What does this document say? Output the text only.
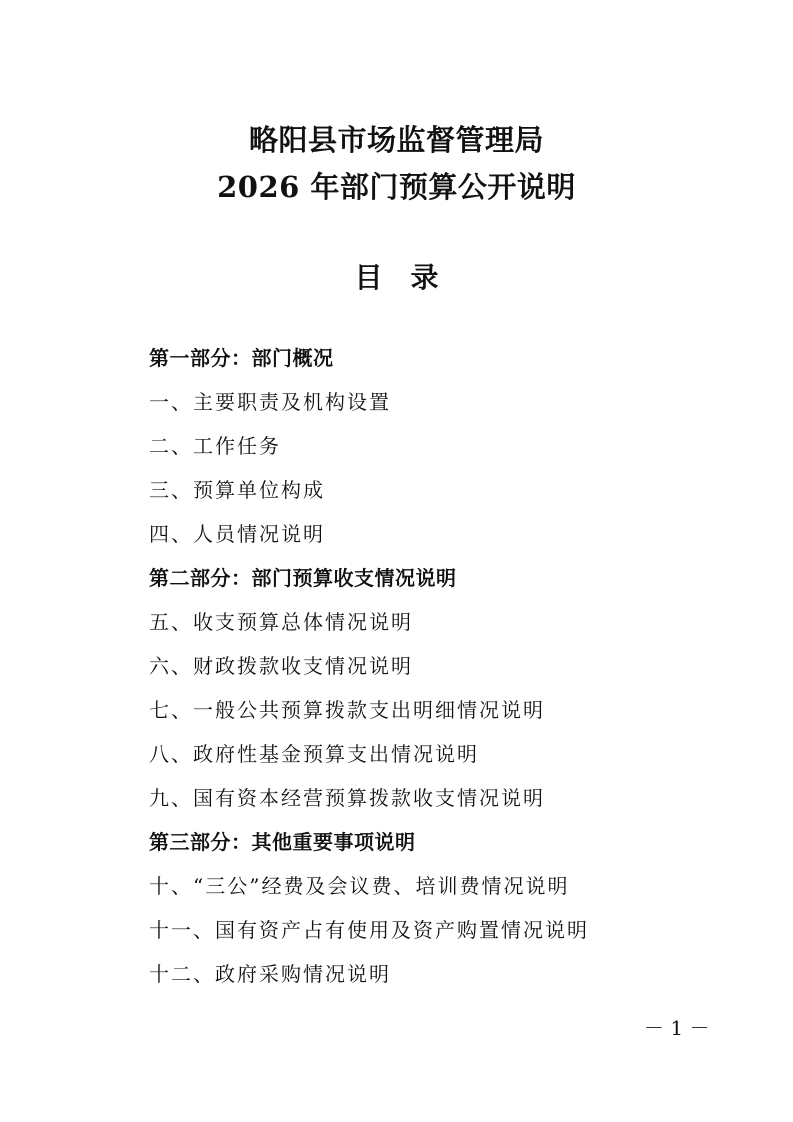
略阳县市场监督管理局
2026 年部门预算公开说明
目录
第一部分：部门概况
一、主要职责及机构设置
二、工作任务
三、预算单位构成
四、人员情况说明
第二部分：部门预算收支情况说明
五、收支预算总体情况说明
六、财政拨款收支情况说明
七、一般公共预算拨款支出明细情况说明
八、政府性基金预算支出情况说明
九、国有资本经营预算拨款收支情况说明
第三部分：其他重要事项说明
十、“三公”经费及会议费、培训费情况说明
十一、国有资产占有使用及资产购置情况说明
十二、政府采购情况说明
－ 1 －
